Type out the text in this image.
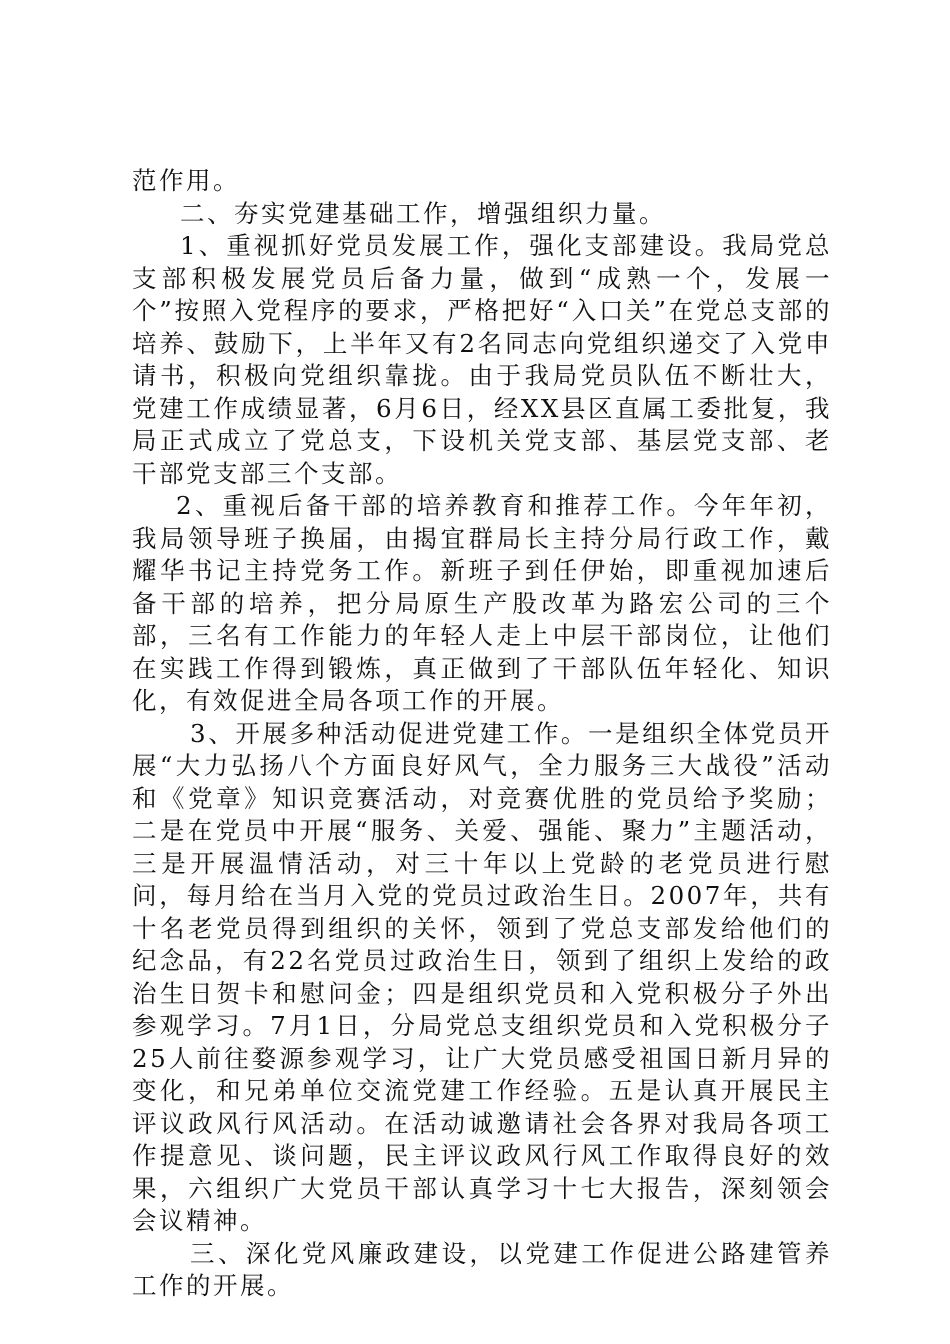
范作用。

二、夯实党建基础工作，增强组织力量。

1、重视抓好党员发展工作，强化支部建设。我局党总支部积极发展党员后备力量，做到“成熟一个，发展一个”按照入党程序的要求，严格把好“入口关”在党总支部的培养、鼓励下，上半年又有2名同志向党组织递交了入党申请书，积极向党组织靠拢。由于我局党员队伍不断壮大，党建工作成绩显著，6月6日，经XX县区直属工委批复，我局正式成立了党总支，下设机关党支部、基层党支部、老干部党支部三个支部。

2、重视后备干部的培养教育和推荐工作。今年年初，我局领导班子换届，由揭宜群局长主持分局行政工作，戴耀华书记主持党务工作。新班子到任伊始，即重视加速后备干部的培养，把分局原生产股改革为路宏公司的三个部，三名有工作能力的年轻人走上中层干部岗位，让他们在实践工作得到锻炼，真正做到了干部队伍年轻化、知识化，有效促进全局各项工作的开展。

3、开展多种活动促进党建工作。一是组织全体党员开展“大力弘扬八个方面良好风气，全力服务三大战役”活动和《党章》知识竞赛活动，对竞赛优胜的党员给予奖励；二是在党员中开展“服务、关爱、强能、聚力”主题活动，三是开展温情活动，对三十年以上党龄的老党员进行慰问，每月给在当月入党的党员过政治生日。2007年，共有十名老党员得到组织的关怀，领到了党总支部发给他们的纪念品，有22名党员过政治生日，领到了组织上发给的政治生日贺卡和慰问金；四是组织党员和入党积极分子外出参观学习。7月1日，分局党总支组织党员和入党积极分子25人前往婺源参观学习，让广大党员感受祖国日新月异的变化，和兄弟单位交流党建工作经验。五是认真开展民主评议政风行风活动。在活动诚邀请社会各界对我局各项工作提意见、谈问题，民主评议政风行风工作取得良好的效果，六组织广大党员干部认真学习十七大报告，深刻领会会议精神。

三、深化党风廉政建设，以党建工作促进公路建管养工作的开展。
